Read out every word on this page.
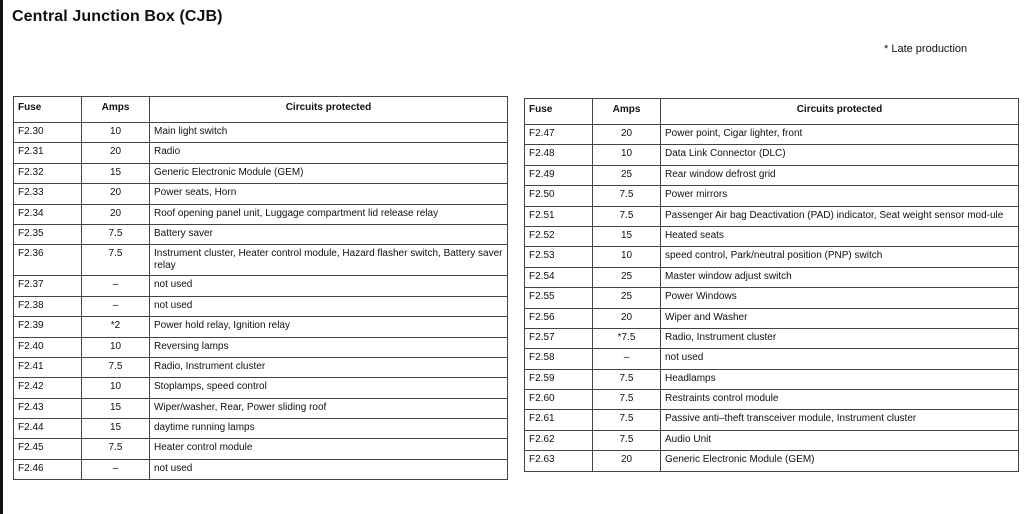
Central Junction Box (CJB)
* Late production
Fuse	Amps	Circuits protected
F2.30	10	Main light switch
F2.31	20	Radio
F2.32	15	Generic Electronic Module (GEM)
F2.33	20	Power seats, Horn
F2.34	20	Roof opening panel unit, Luggage compartment lid release relay
F2.35	7.5	Battery saver
F2.36	7.5	Instrument cluster, Heater control module, Hazard flasher switch, Battery saver relay
F2.37	–	not used
F2.38	–	not used
F2.39	*2	Power hold relay, Ignition relay
F2.40	10	Reversing lamps
F2.41	7.5	Radio, Instrument cluster
F2.42	10	Stoplamps, speed control
F2.43	15	Wiper/washer, Rear, Power sliding roof
F2.44	15	daytime running lamps
F2.45	7.5	Heater control module
F2.46	–	not used
Fuse	Amps	Circuits protected
F2.47	20	Power point, Cigar lighter, front
F2.48	10	Data Link Connector (DLC)
F2.49	25	Rear window defrost grid
F2.50	7.5	Power mirrors
F2.51	7.5	Passenger Air bag Deactivation (PAD) indicator, Seat weight sensor mod-ule
F2.52	15	Heated seats
F2.53	10	speed control, Park/neutral position (PNP) switch
F2.54	25	Master window adjust switch
F2.55	25	Power Windows
F2.56	20	Wiper and Washer
F2.57	*7.5	Radio, Instrument cluster
F2.58	–	not used
F2.59	7.5	Headlamps
F2.60	7.5	Restraints control module
F2.61	7.5	Passive anti–theft transceiver module, Instrument cluster
F2.62	7.5	Audio Unit
F2.63	20	Generic Electronic Module (GEM)
